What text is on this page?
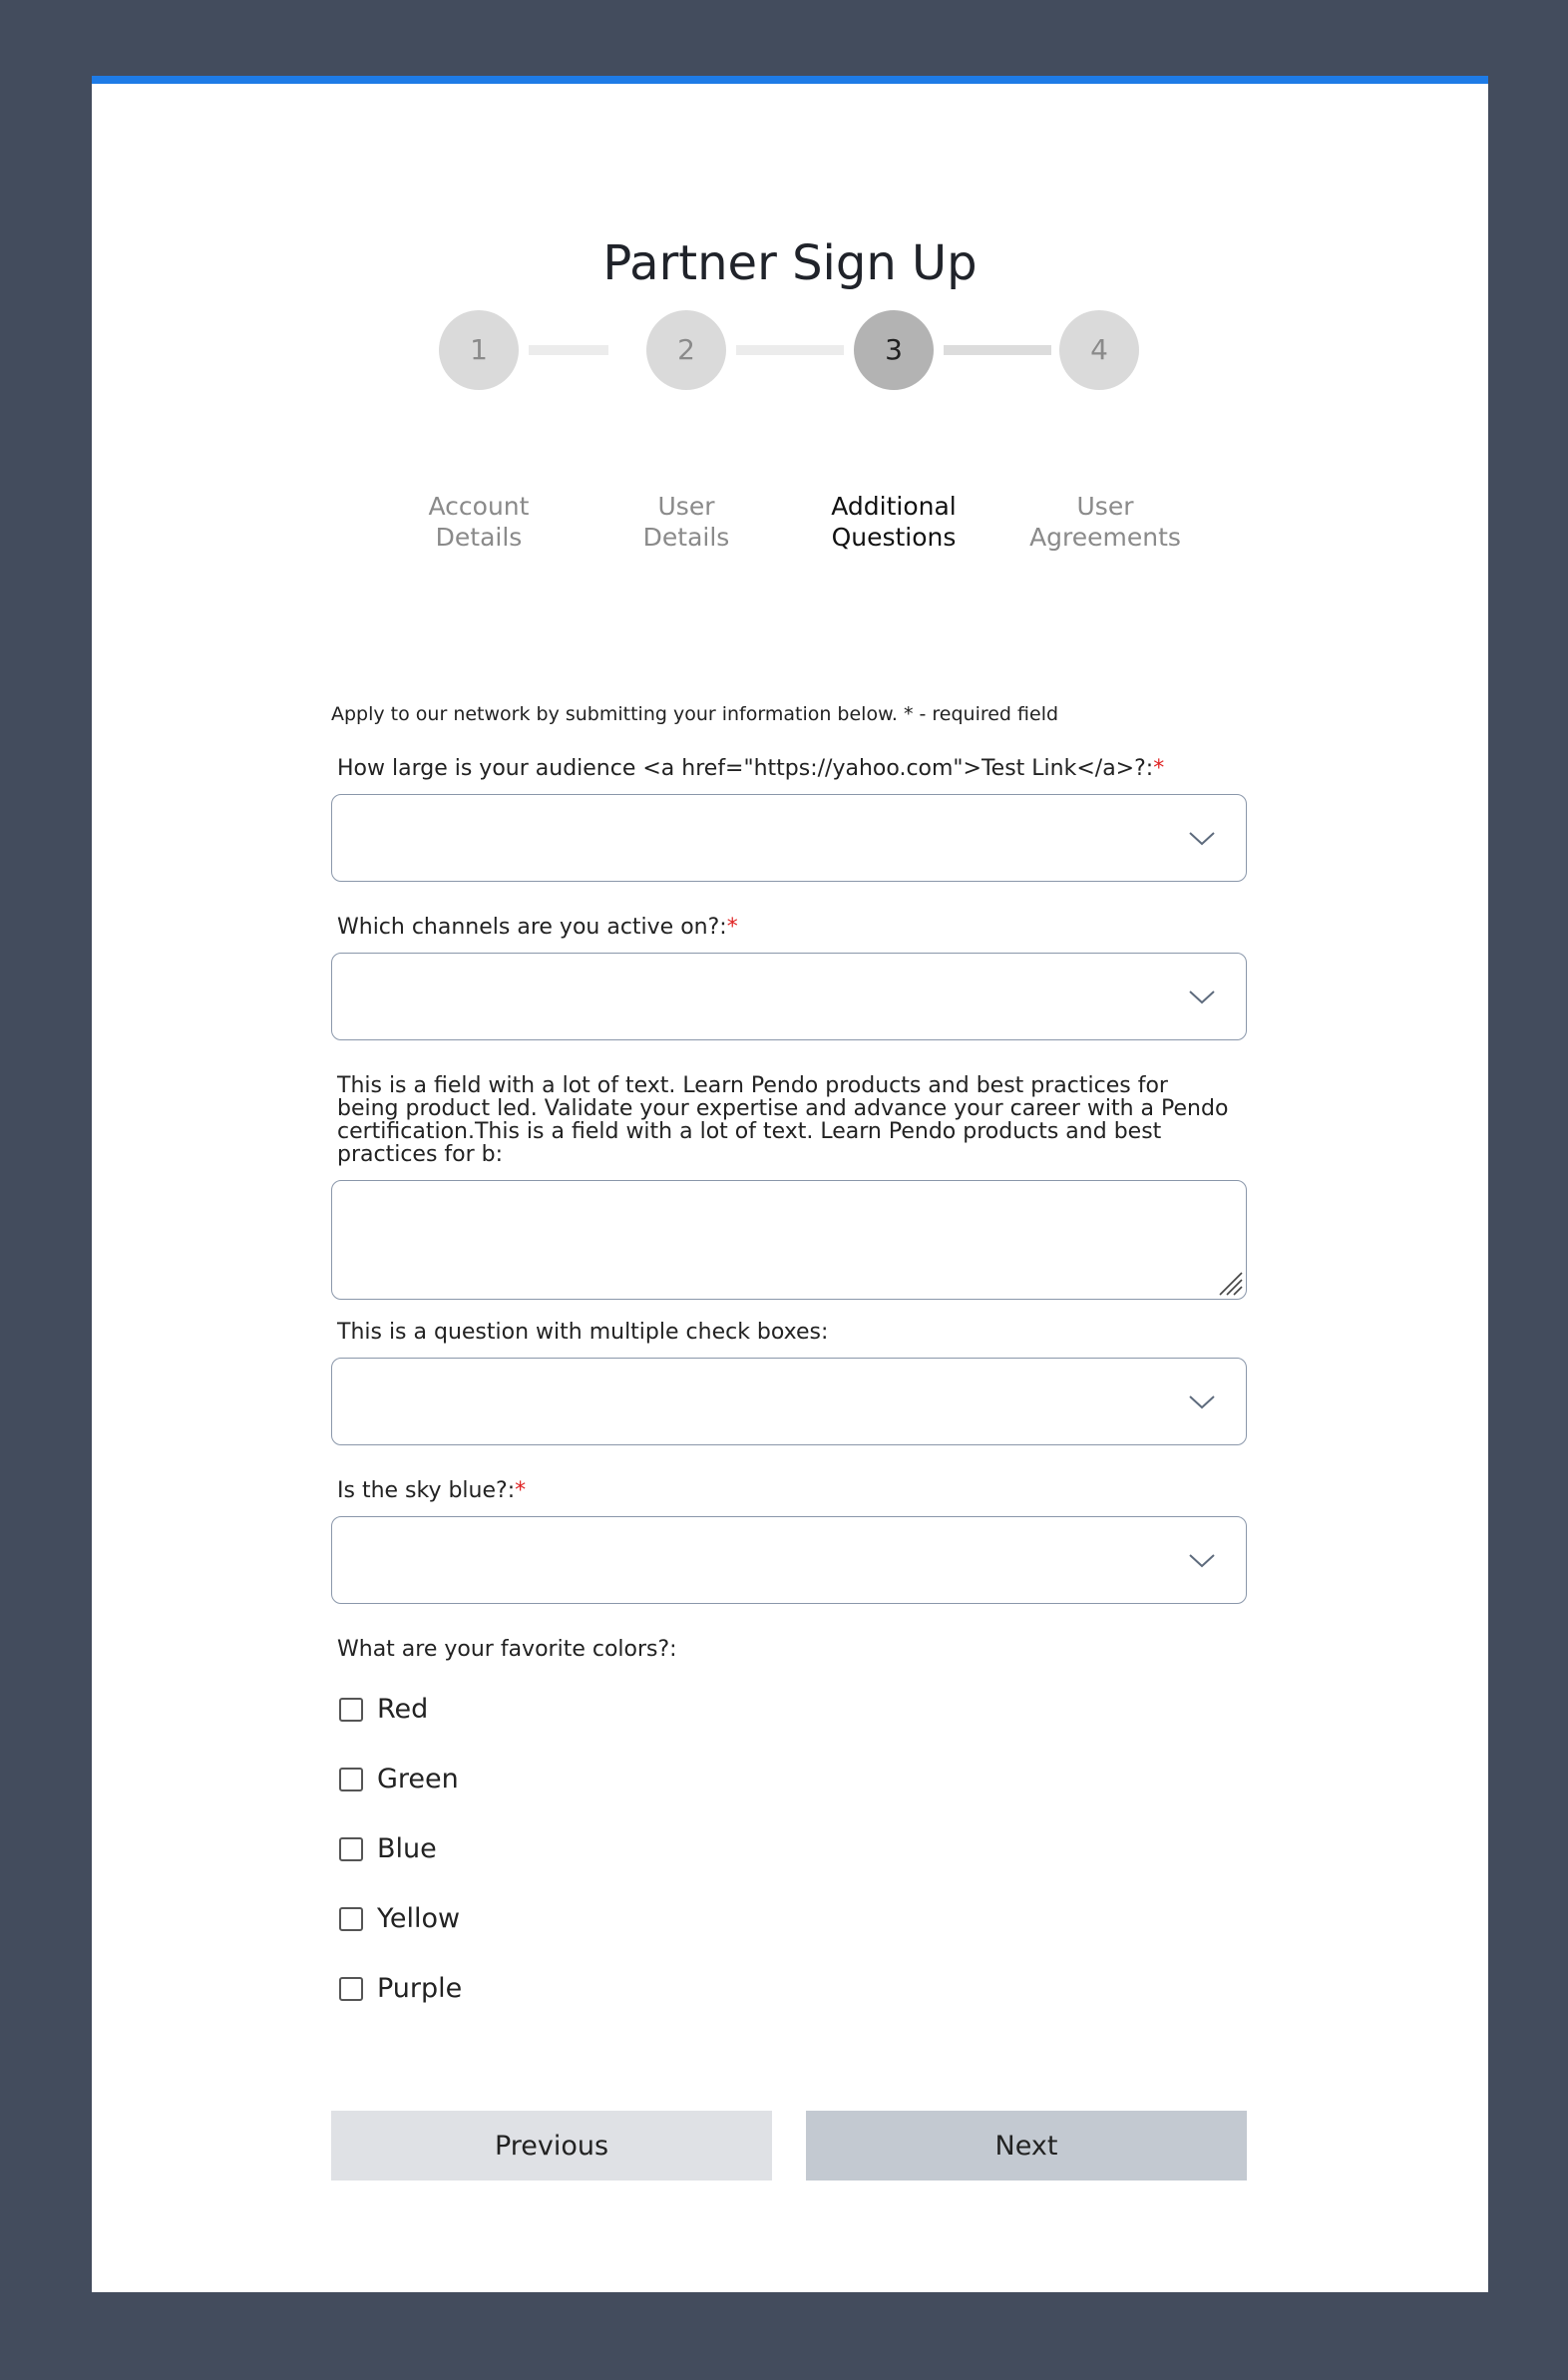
Partner Sign Up
1	2	3	4
Account
Details
User
Details
Additional
Questions
User
Agreements
Apply to our network by submitting your information below. * - required field
How large is your audience <a href="https://yahoo.com">Test Link</a>?:*
Which channels are you active on?:*
This is a field with a lot of text. Learn Pendo products and best practices for being product led. Validate your expertise and advance your career with a Pendo certification.This is a field with a lot of text. Learn Pendo products and best practices for b:
This is a question with multiple check boxes:
Is the sky blue?:*
What are your favorite colors?:
Red
Green
Blue
Yellow
Purple
Previous	Next
